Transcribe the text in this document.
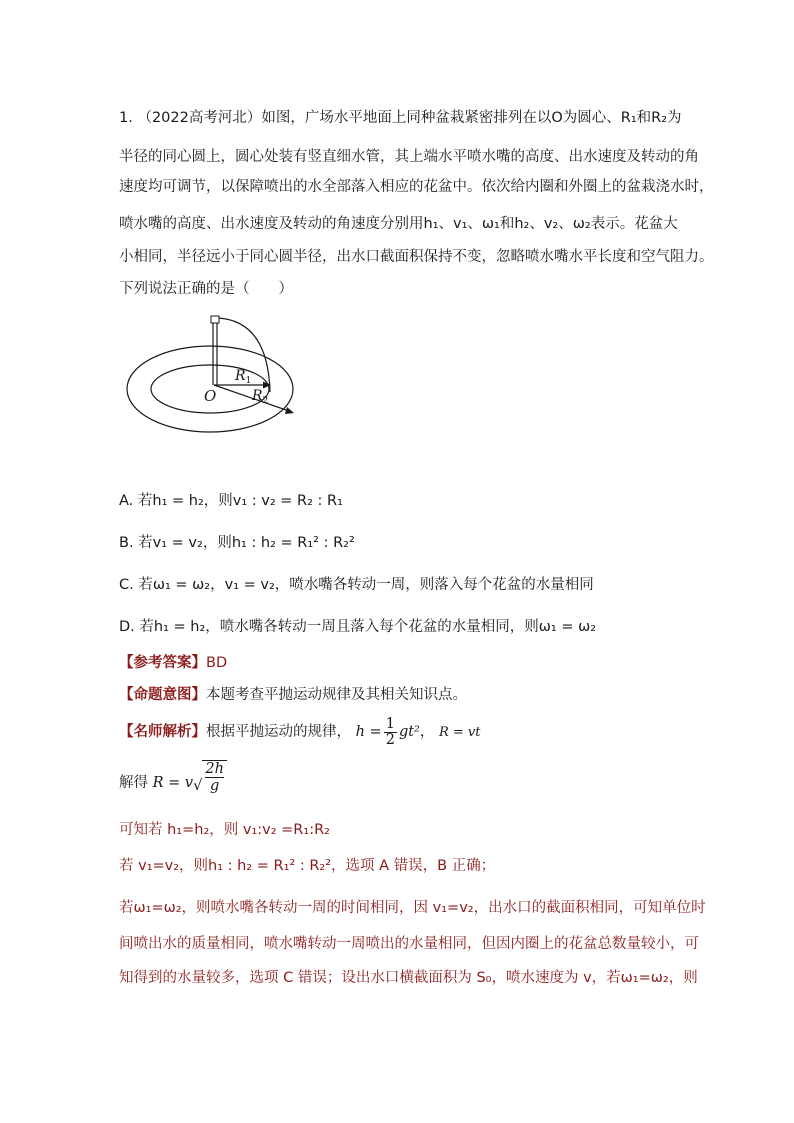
1. （2022高考河北）如图，广场水平地面上同种盆栽紧密排列在以O为圆心、R₁和R₂为
半径的同心圆上，圆心处装有竖直细水管，其上端水平喷水嘴的高度、出水速度及转动的角
速度均可调节，以保障喷出的水全部落入相应的花盆中。依次给内圈和外圈上的盆栽浇水时，
喷水嘴的高度、出水速度及转动的角速度分别用h₁、v₁、ω₁和h₂、v₂、ω₂表示。花盆大
小相同，半径远小于同心圆半径，出水口截面积保持不变，忽略喷水嘴水平长度和空气阻力。
下列说法正确的是（　　）
O
$R_1$
$R_2$
A. 若h₁ = h₂，则v₁ : v₂ = R₂ : R₁
B. 若v₁ = v₂，则h₁ : h₂ = R₁² : R₂²
C. 若ω₁ = ω₂，v₁ = v₂，喷水嘴各转动一周，则落入每个花盆的水量相同
D. 若h₁ = h₂，喷水嘴各转动一周且落入每个花盆的水量相同，则ω₁ = ω₂
【参考答案】BD
【命题意图】本题考查平抛运动规律及其相关知识点。
【名师解析】根据平抛运动的规律， $h = \frac{1}{2} gt^2$， R = vt
解得 $R = v√ \frac{2h}{g}$
可知若 h₁=h₂，则 v₁:v₂ =R₁:R₂
若 v₁=v₂，则h₁ : h₂ = R₁² : R₂²，选项 A 错误，B 正确；
若ω₁=ω₂，则喷水嘴各转动一周的时间相同，因 v₁=v₂，出水口的截面积相同，可知单位时
间喷出水的质量相同，喷水嘴转动一周喷出的水量相同，但因内圈上的花盆总数量较小，可
知得到的水量较多，选项 C 错误；设出水口横截面积为 S₀，喷水速度为 v，若ω₁=ω₂，则
